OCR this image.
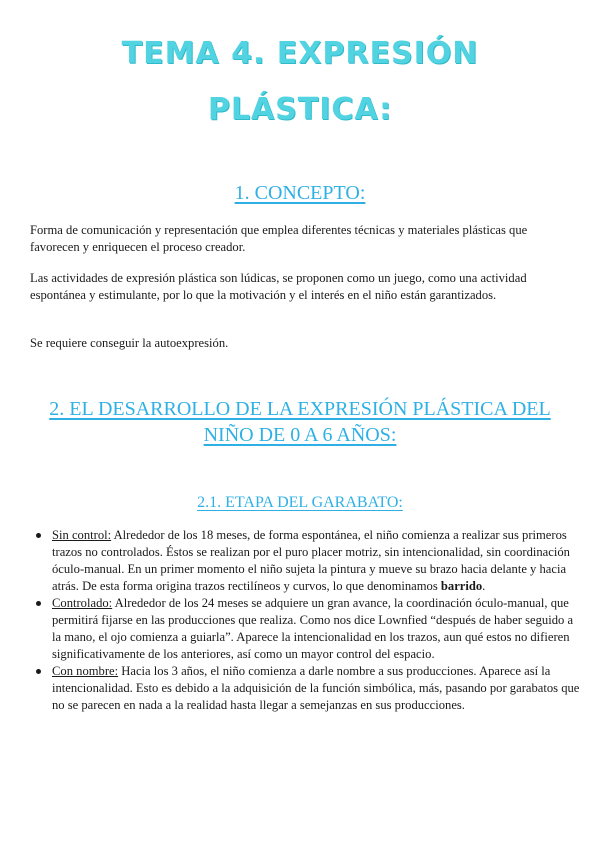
TEMA 4. EXPRESIÓN
PLÁSTICA:
1. CONCEPTO:

Forma de comunicación y representación que emplea diferentes técnicas y materiales plásticas que favorecen y enriquecen el proceso creador.

Las actividades de expresión plástica son lúdicas, se proponen como un juego, como una actividad espontánea y estimulante, por lo que la motivación y el interés en el niño están garantizados.

Se requiere conseguir la autoexpresión.

2. EL DESARROLLO DE LA EXPRESIÓN PLÁSTICA DEL
NIÑO DE 0 A 6 AÑOS:
2.1. ETAPA DEL GARABATO:
Sin control: Alrededor de los 18 meses, de forma espontánea, el niño comienza a realizar sus primeros trazos no controlados. Éstos se realizan por el puro placer motriz, sin intencionalidad, sin coordinación óculo-manual. En un primer momento el niño sujeta la pintura y mueve su brazo hacia delante y hacia atrás. De esta forma origina trazos rectilíneos y curvos, lo que denominamos barrido.
Controlado: Alrededor de los 24 meses se adquiere un gran avance, la coordinación óculo-manual, que permitirá fijarse en las producciones que realiza. Como nos dice Lownfied “después de haber seguido a la mano, el ojo comienza a guiarla”. Aparece la intencionalidad en los trazos, aun qué estos no difieren significativamente de los anteriores, así como un mayor control del espacio.
Con nombre: Hacia los 3 años, el niño comienza a darle nombre a sus producciones. Aparece así la intencionalidad. Esto es debido a la adquisición de la función simbólica, más, pasando por garabatos que no se parecen en nada a la realidad hasta llegar a semejanzas en sus producciones.
